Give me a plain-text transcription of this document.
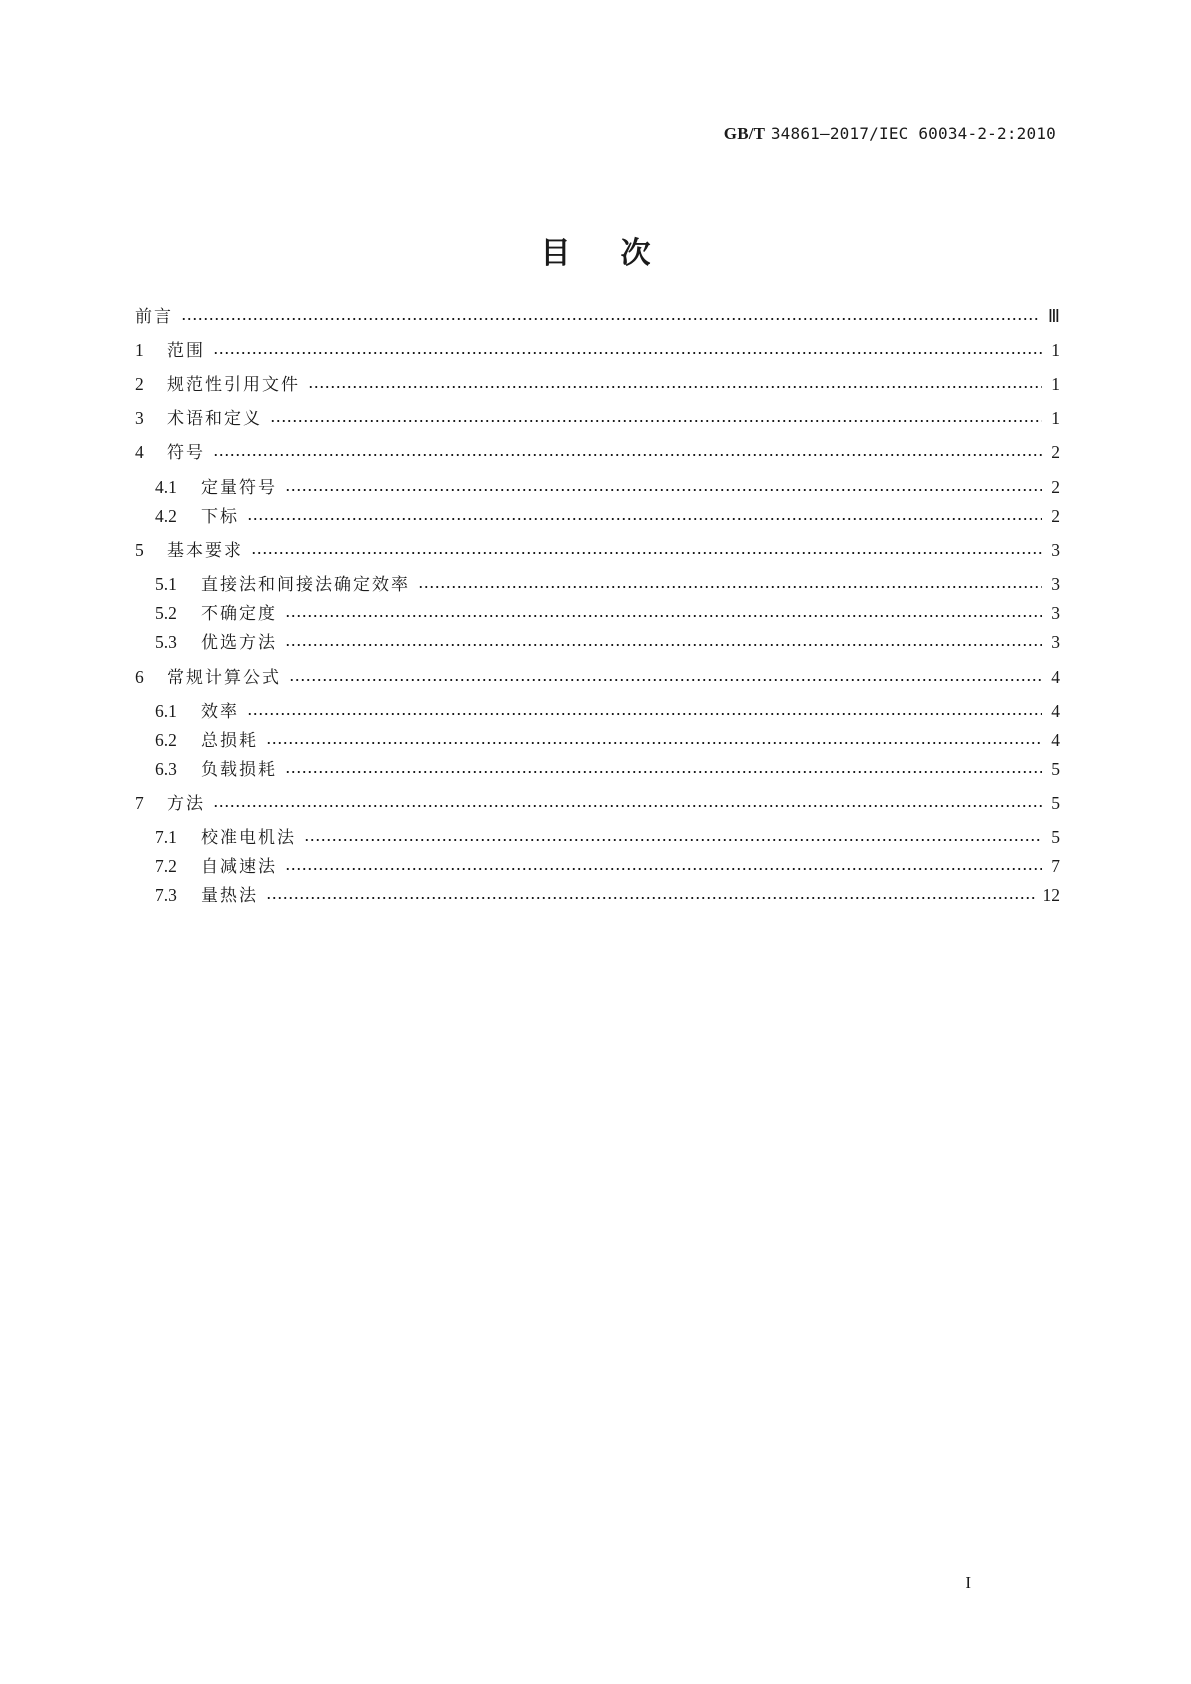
GB/T 34861—2017/IEC 60034-2-2:2010
目次
前言	Ⅲ
1	范围	1
2	规范性引用文件	1
3	术语和定义	1
4	符号	2
4.1	定量符号	2
4.2	下标	2
5	基本要求	3
5.1	直接法和间接法确定效率	3
5.2	不确定度	3
5.3	优选方法	3
6	常规计算公式	4
6.1	效率	4
6.2	总损耗	4
6.3	负载损耗	5
7	方法	5
7.1	校准电机法	5
7.2	自减速法	7
7.3	量热法	12
I
